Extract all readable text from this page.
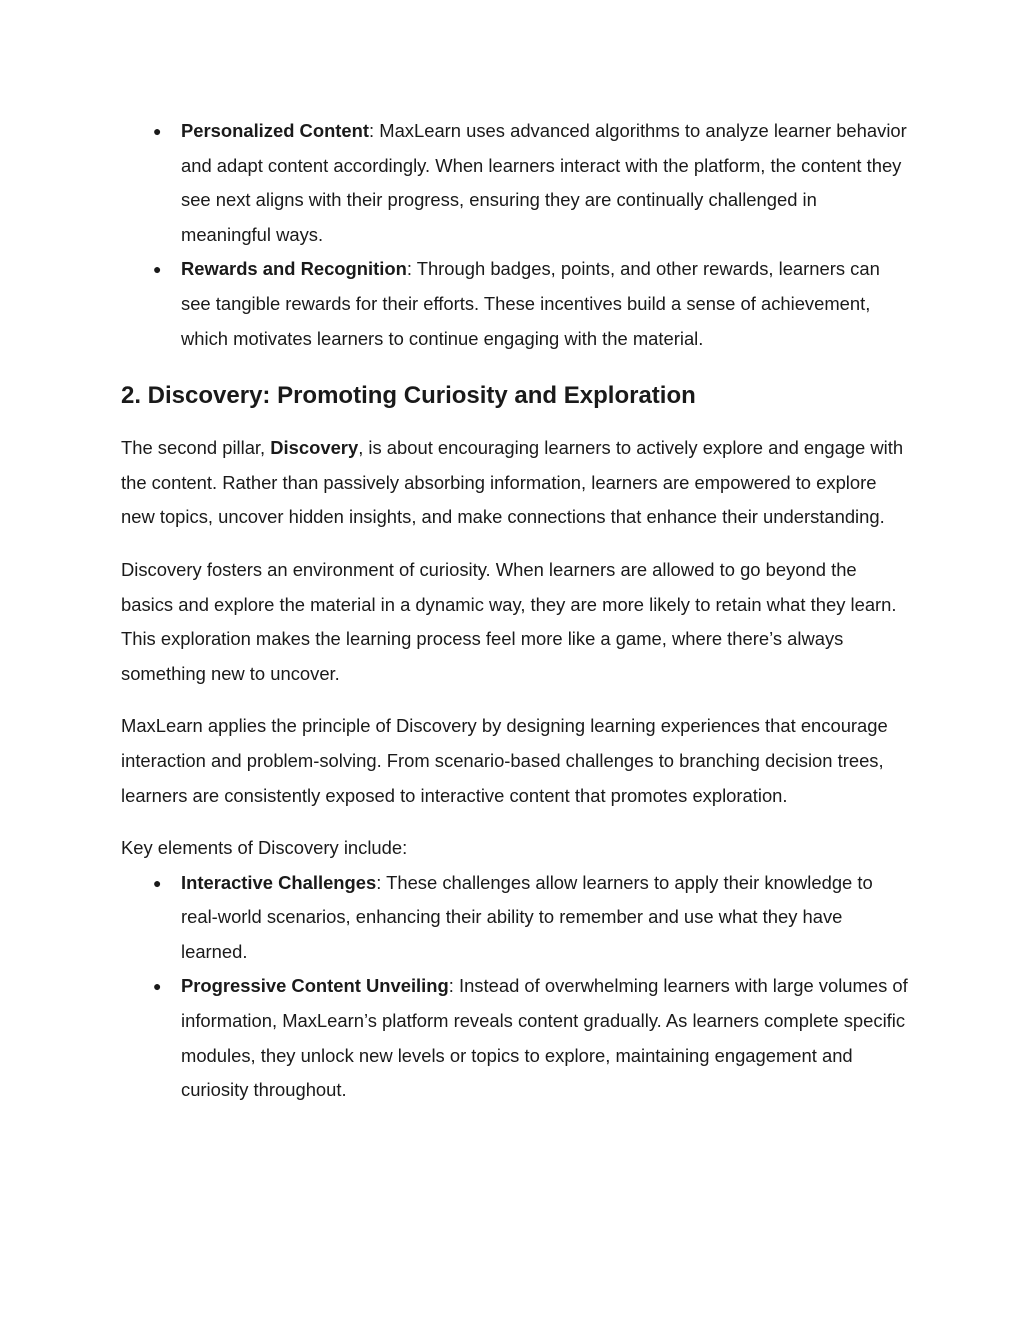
● Personalized Content: MaxLearn uses advanced algorithms to analyze learner behavior and adapt content accordingly. When learners interact with the platform, the content they see next aligns with their progress, ensuring they are continually challenged in meaningful ways.
● Rewards and Recognition: Through badges, points, and other rewards, learners can see tangible rewards for their efforts. These incentives build a sense of achievement, which motivates learners to continue engaging with the material.
2. Discovery: Promoting Curiosity and Exploration

The second pillar, Discovery, is about encouraging learners to actively explore and engage with the content. Rather than passively absorbing information, learners are empowered to explore new topics, uncover hidden insights, and make connections that enhance their understanding.

Discovery fosters an environment of curiosity. When learners are allowed to go beyond the basics and explore the material in a dynamic way, they are more likely to retain what they learn. This exploration makes the learning process feel more like a game, where there’s always something new to uncover.

MaxLearn applies the principle of Discovery by designing learning experiences that encourage interaction and problem-solving. From scenario-based challenges to branching decision trees, learners are consistently exposed to interactive content that promotes exploration.

Key elements of Discovery include:

● Interactive Challenges: These challenges allow learners to apply their knowledge to real-world scenarios, enhancing their ability to remember and use what they have learned.
● Progressive Content Unveiling: Instead of overwhelming learners with large volumes of information, MaxLearn’s platform reveals content gradually. As learners complete specific modules, they unlock new levels or topics to explore, maintaining engagement and curiosity throughout.
